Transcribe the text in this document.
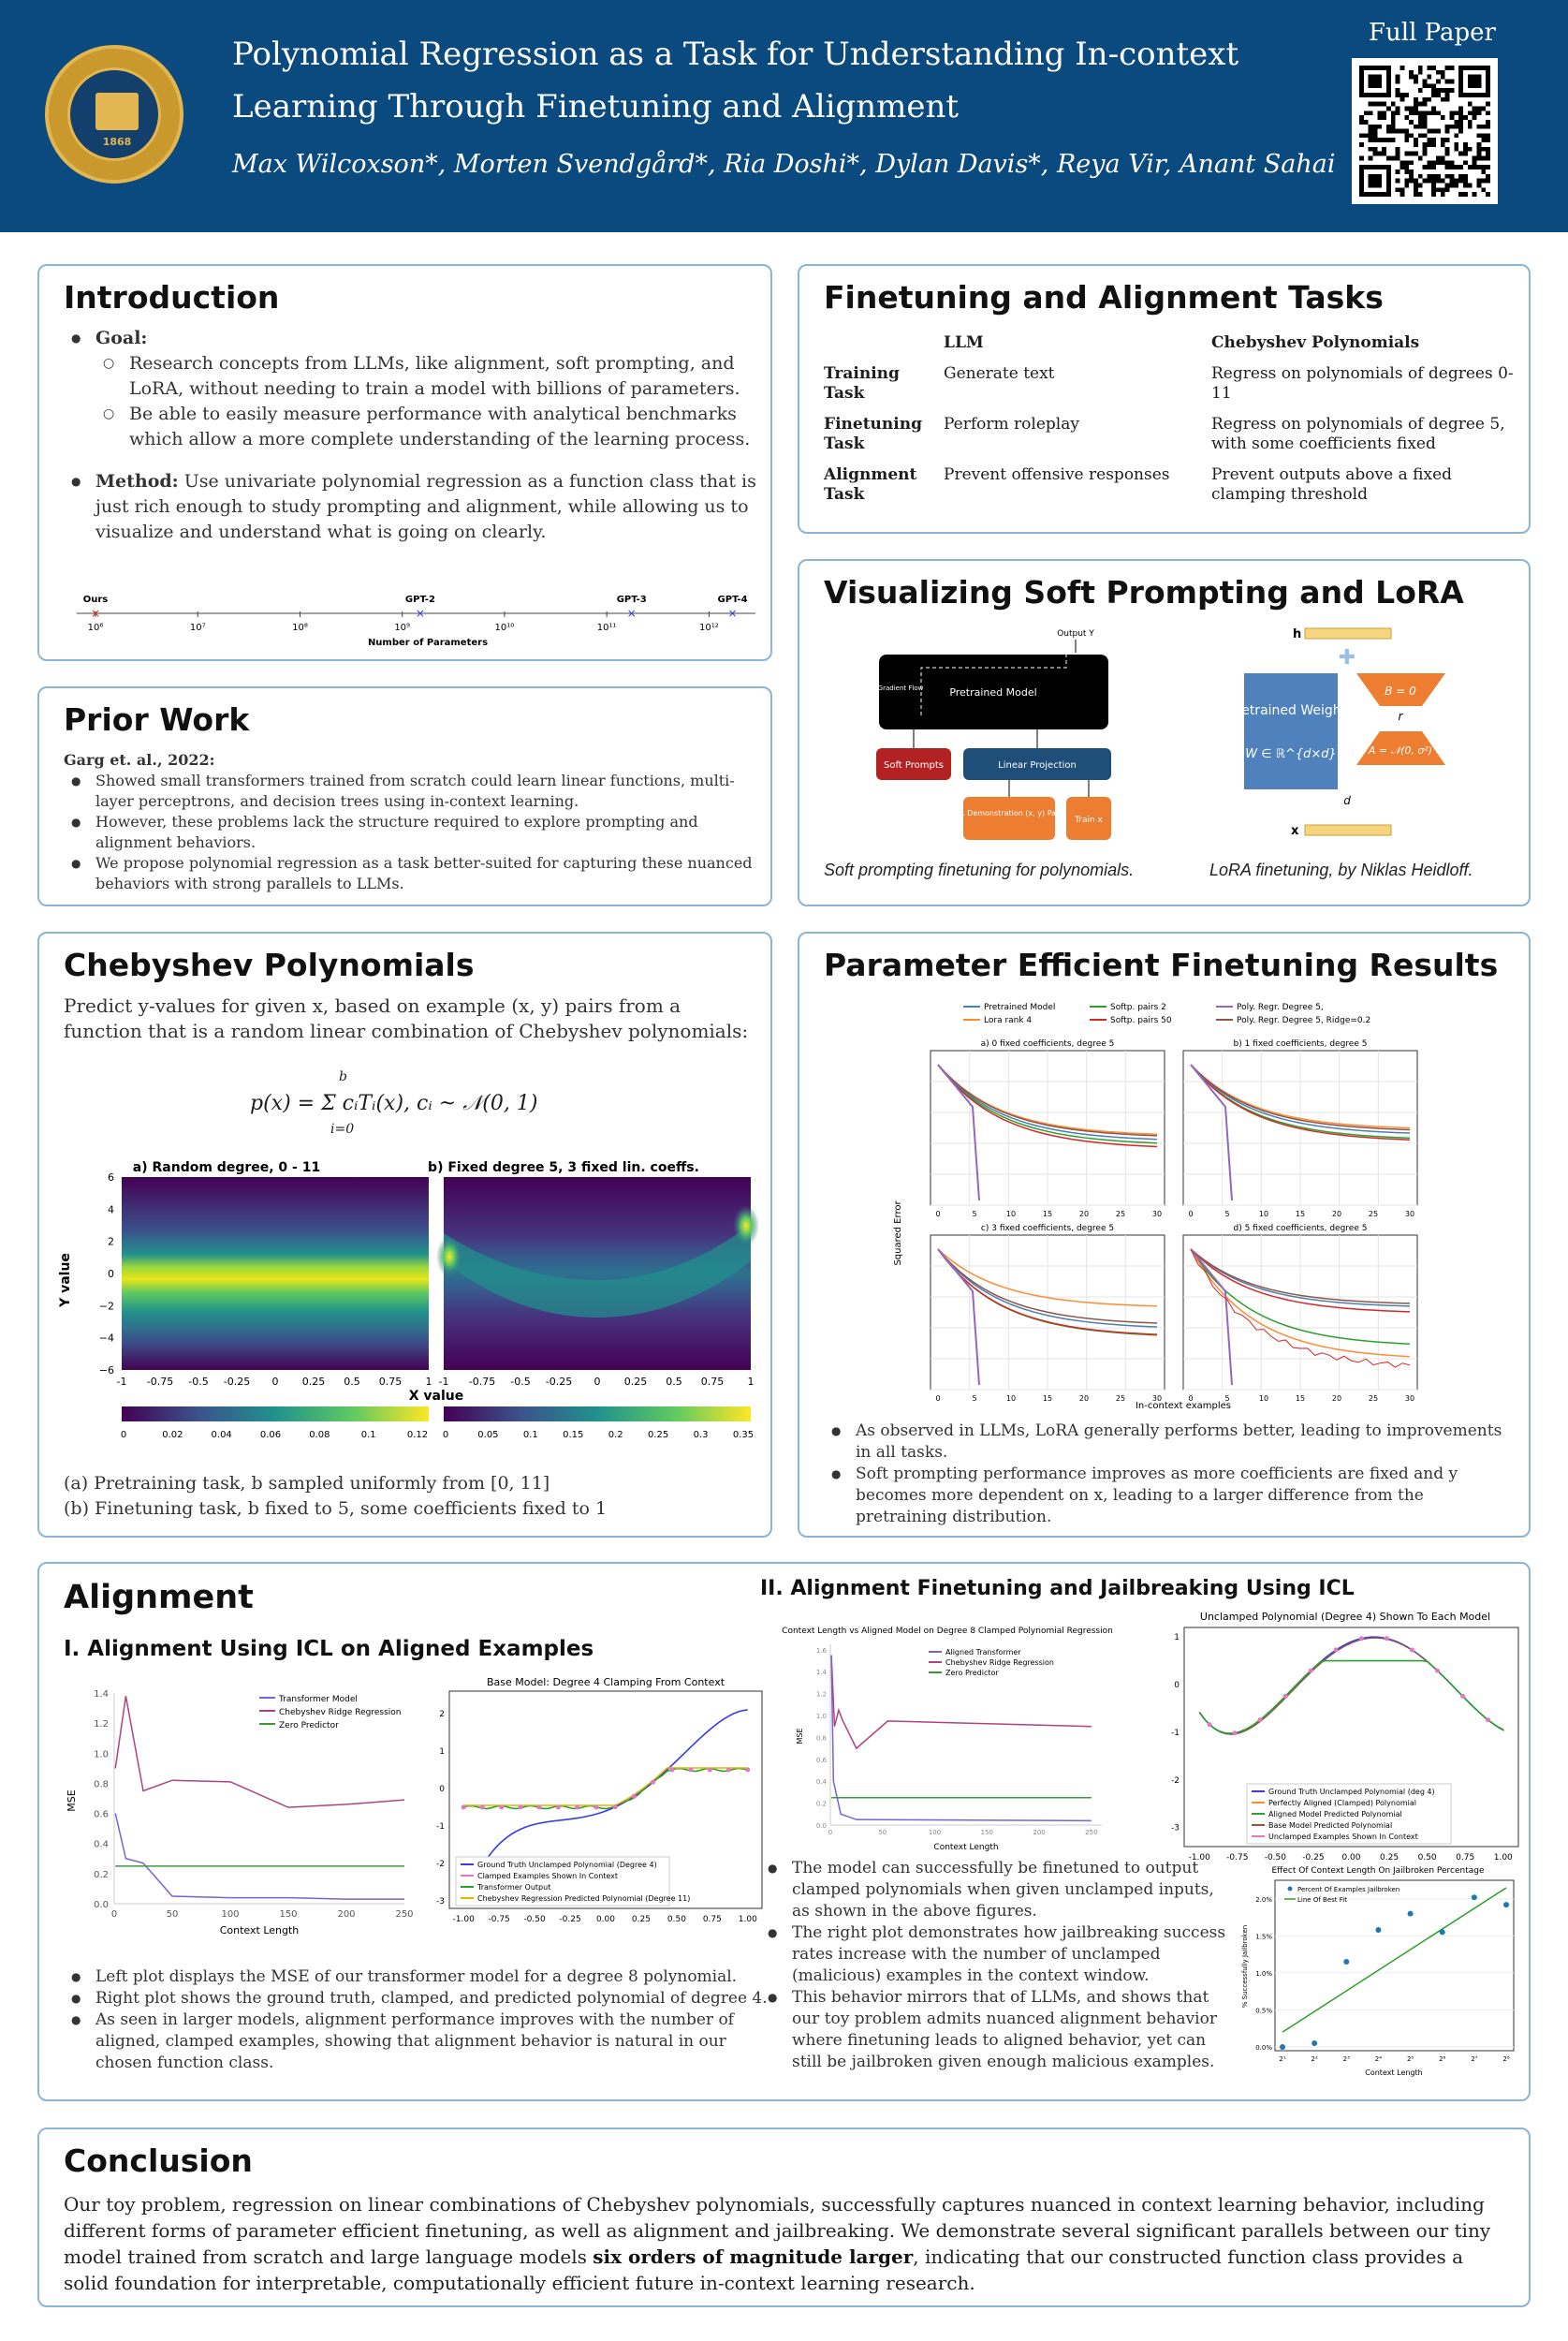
1868
Polynomial Regression as a Task for Understanding In-context Learning Through Finetuning and Alignment
Max Wilcoxson*, Morten Svendgård*, Ria Doshi*, Dylan Davis*, Reya Vir, Anant Sahai
Full Paper
Introduction
● Goal:
○ Research concepts from LLMs, like alignment, soft prompting, and LoRA, without needing to train a model with billions of parameters.
○ Be able to easily measure performance with analytical benchmarks which allow a more complete understanding of the learning process.
● Method: Use univariate polynomial regression as a function class that is just rich enough to study prompting and alignment, while allowing us to visualize and understand what is going on clearly.
10⁶	10⁷	10⁸	10⁹	10¹⁰	10¹¹	10¹²
×
Ours
×
GPT-2
×
GPT-3
×
GPT-4
Number of Parameters
Prior Work
Garg et. al., 2022:
● Showed small transformers trained from scratch could learn linear functions, multi-layer perceptrons, and decision trees using in-context learning.
● However, these problems lack the structure required to explore prompting and alignment behaviors.
● We propose polynomial regression as a task better-suited for capturing these nuanced behaviors with strong parallels to LLMs.
Chebyshev Polynomials
Predict y-values for given x, based on example (x, y) pairs from a function that is a random linear combination of Chebyshev polynomials:
b
p(x) = Σ cᵢTᵢ(x), cᵢ ~ 𝒩(0, 1)
i=0
a) Random degree, 0 - 11	b) Fixed degree 5, 3 fixed lin. coeffs.
Y value
X value
6
4
2
0
−2
−4
−6
-1 -0.75 -0.5 -0.25 0 0.25 0.5 0.75 1 -1 -0.75 -0.5 -0.25 0 0.25 0.5 0.75 1
0	0.02	0.04	0.06	0.08	0.1	0.12 0	0.05	0.1	0.15	0.2	0.25	0.3	0.35
(a) Pretraining task, b sampled uniformly from [0, 11]
(b) Finetuning task, b fixed to 5, some coefficients fixed to 1
Finetuning and Alignment Tasks
	LLM	Chebyshev Polynomials
Training Task	Generate text	Regress on polynomials of degrees 0-11
Finetuning Task	Perform roleplay	Regress on polynomials of degree 5, with some coefficients fixed
Alignment Task	Prevent offensive responses	Prevent outputs above a fixed clamping threshold
Visualizing Soft Prompting and LoRA
Output Y
Gradient Flow	Pretrained Model
Soft Prompts	Linear Projection
ICL Demonstration (x, y) Pairs
Train x
h
✚
Pretrained Weights
W ∈ ℝ^{d×d}
B = 0
r
A = 𝒩(0, σ²)
d
x
Soft prompting finetuning for polynomials.	LoRA finetuning, by Niklas Heidloff.
Parameter Efficient Finetuning Results
Pretrained Model
Lora rank 4
Softp. pairs 2
Softp. pairs 50
Poly. Regr. Degree 5,
Poly. Regr. Degree 5, Ridge=0.2
a) 0 fixed coefficients, degree 5
0	5	10	15	20	25	30
b) 1 fixed coefficients, degree 5
0	5	10	15	20	25	30
c) 3 fixed coefficients, degree 5
0	5	10	15	20	25	30
d) 5 fixed coefficients, degree 5
0	5	10	15	20	25	30
Squared Error
In-context examples
● As observed in LLMs, LoRA generally performs better, leading to improvements in all tasks.
● Soft prompting performance improves as more coefficients are fixed and y becomes more dependent on x, leading to a larger difference from the pretraining distribution.
Alignment
I. Alignment Using ICL on Aligned Examples
II. Alignment Finetuning and Jailbreaking Using ICL
0.0
0.2
0.4
0.6
0.8
1.0
1.2
1.4
0	50	100	150	200	250
Transformer Model
Chebyshev Ridge Regression
Zero Predictor
MSE
Context Length
Base Model: Degree 4 Clamping From Context
-1.00 -0.75 -0.50 -0.25 0.00 0.25 0.50 0.75 1.00
-3
-2
-1
0
1
2
Ground Truth Unclamped Polynomial (Degree 4)
Clamped Examples Shown In Context
Transformer Output
Chebyshev Regression Predicted Polynomial (Degree 11)
● Left plot displays the MSE of our transformer model for a degree 8 polynomial.
● Right plot shows the ground truth, clamped, and predicted polynomial of degree 4.
● As seen in larger models, alignment performance improves with the number of aligned, clamped examples, showing that alignment behavior is natural in our chosen function class.
Context Length vs Aligned Model on Degree 8 Clamped Polynomial Regression
0.0
0.2
0.4
0.6
0.8
1.0
1.2
1.4
1.6
0	50	100	150	200	250
Aligned Transformer
Chebyshev Ridge Regression
Zero Predictor
MSE
Context Length
Unclamped Polynomial (Degree 4) Shown To Each Model
-1.00 -0.75 -0.50 -0.25 0.00 0.25 0.50 0.75 1.00
-3
-2
-1
0
1
Ground Truth Unclamped Polynomial (deg 4)
Perfectly Aligned (Clamped) Polynomial
Aligned Model Predicted Polynomial
Base Model Predicted Polynomial
Unclamped Examples Shown In Context
● The model can successfully be finetuned to output clamped polynomials when given unclamped inputs, as shown in the above figures.
● The right plot demonstrates how jailbreaking success rates increase with the number of unclamped (malicious) examples in the context window.
● This behavior mirrors that of LLMs, and shows that our toy problem admits nuanced alignment behavior where finetuning leads to aligned behavior, yet can still be jailbroken given enough malicious examples.
Effect Of Context Length On Jailbroken Percentage
0.0%
0.5%
1.0%
1.5%
2.0%
2¹	2²	2³	2⁴	2⁵	2⁶	2⁷	2⁸
Percent Of Examples Jailbroken
Line Of Best Fit
% Successfully Jailbroken
Context Length
Conclusion
Our toy problem, regression on linear combinations of Chebyshev polynomials, successfully captures nuanced in context learning behavior, including different forms of parameter efficient finetuning, as well as alignment and jailbreaking. We demonstrate several significant parallels between our tiny model trained from scratch and large language models six orders of magnitude larger, indicating that our constructed function class provides a solid foundation for interpretable, computationally efficient future in-context learning research.
